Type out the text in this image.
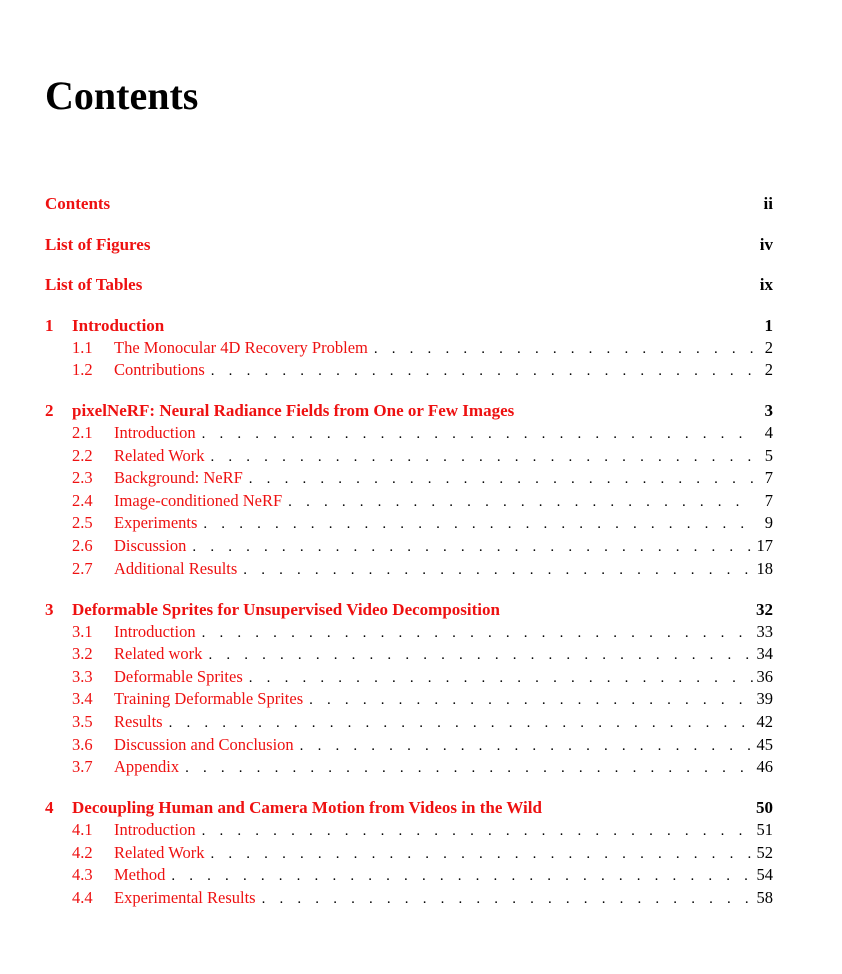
Contents
Contents	ii
List of Figures	iv
List of Tables	ix
1	Introduction	1
1.1	The Monocular 4D Recovery Problem . . .	2
1.2	Contributions . . .	2
2	pixelNeRF: Neural Radiance Fields from One or Few Images	3
2.1	Introduction . . .	4
2.2	Related Work . . .	5
2.3	Background: NeRF . . .	7
2.4	Image-conditioned NeRF . . .	7
2.5	Experiments . . .	9
2.6	Discussion . . .	17
2.7	Additional Results . . .	18
3	Deformable Sprites for Unsupervised Video Decomposition	32
3.1	Introduction . . .	33
3.2	Related work . . .	34
3.3	Deformable Sprites . . .	36
3.4	Training Deformable Sprites . . .	39
3.5	Results . . .	42
3.6	Discussion and Conclusion . . .	45
3.7	Appendix . . .	46
4	Decoupling Human and Camera Motion from Videos in the Wild	50
4.1	Introduction . . .	51
4.2	Related Work . . .	52
4.3	Method . . .	54
4.4	Experimental Results . . .	58
